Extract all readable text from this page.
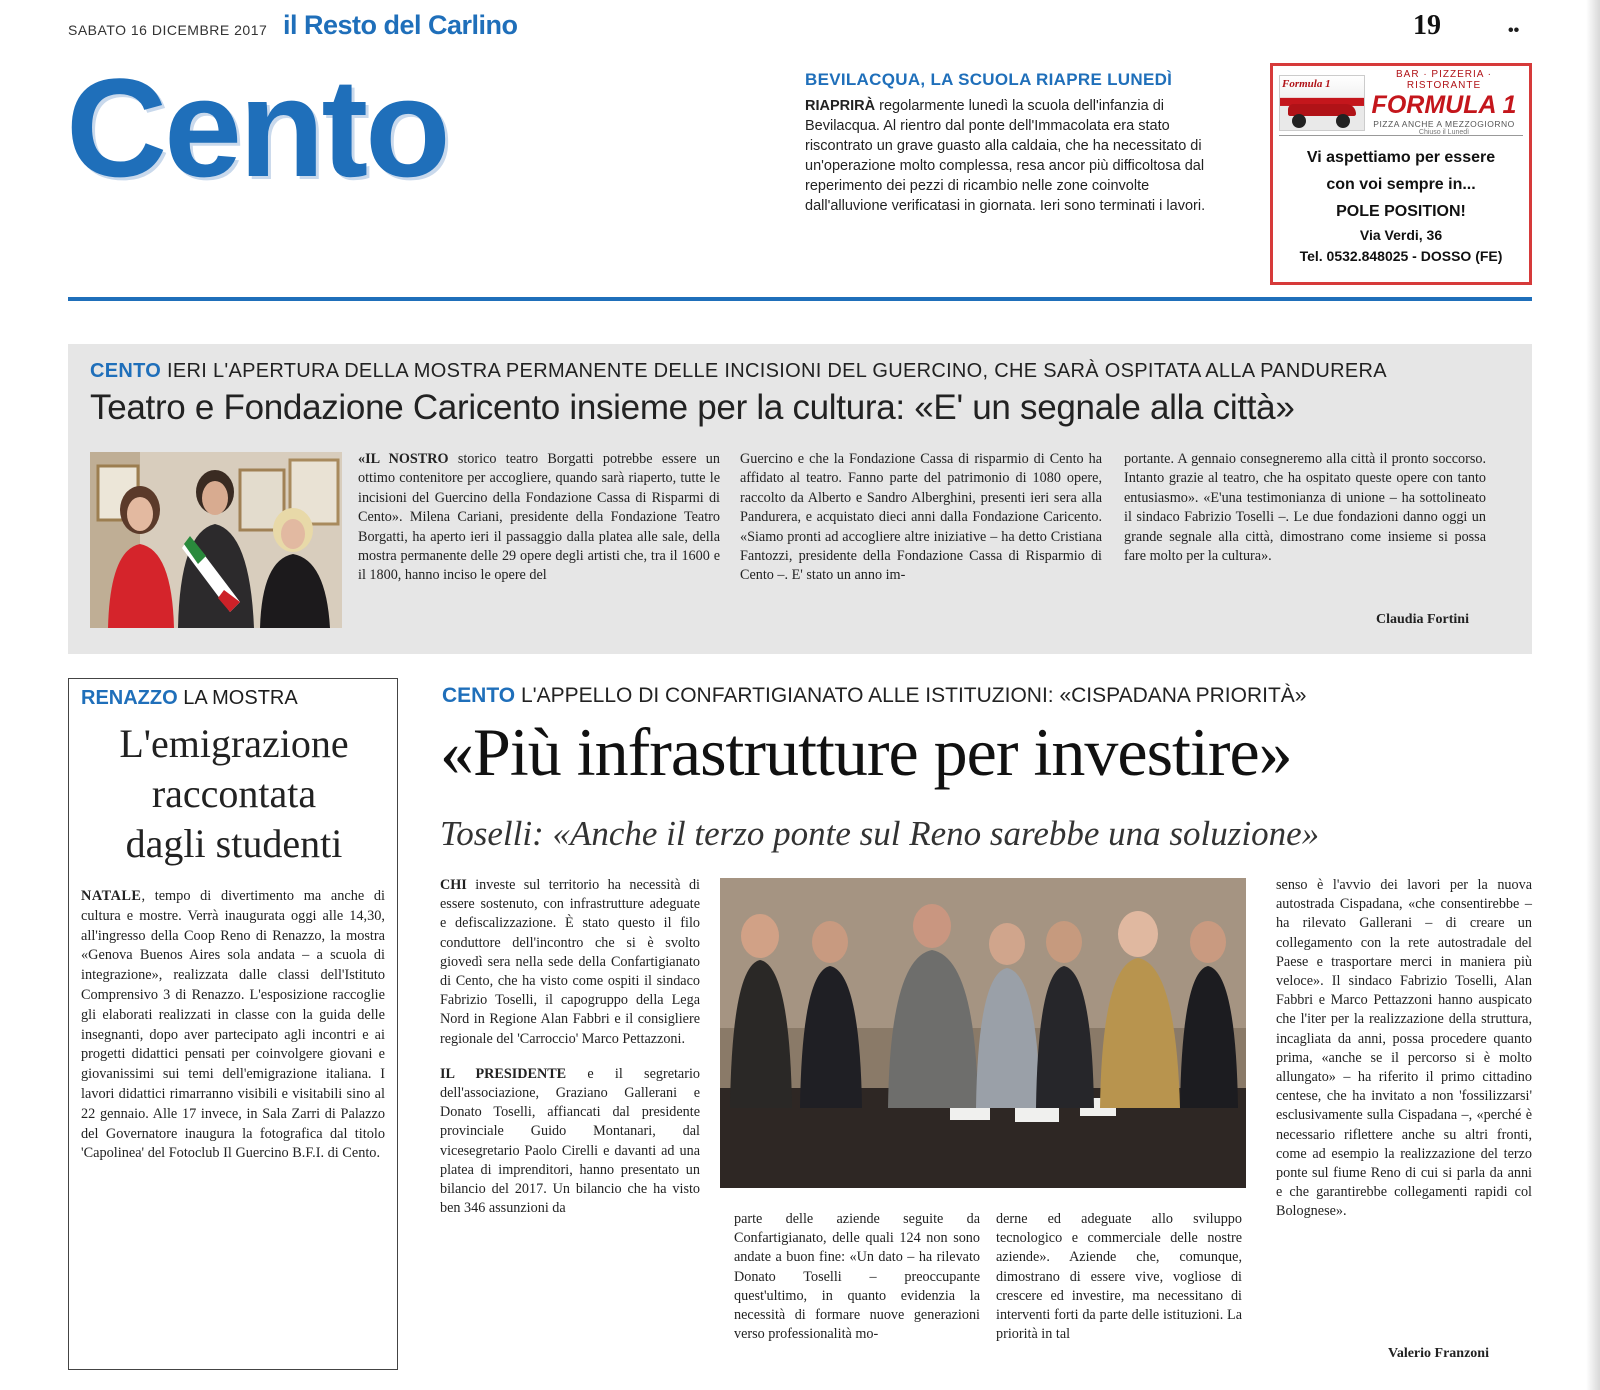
SABATO 16 DICEMBRE 2017 il Resto del Carlino	19	••
Cento	BEVILACQUA, LA SCUOLA RIAPRE LUNEDÌ
RIAPRIRÀ regolarmente lunedì la scuola dell'infanzia di Bevilacqua. Al rientro dal ponte dell'Immacolata era stato riscontrato un grave guasto alla caldaia, che ha necessitato di un'operazione molto complessa, resa ancor più difficoltosa dal reperimento dei pezzi di ricambio nelle zone coinvolte dall'alluvione verificatasi in giornata. Ieri sono terminati i lavori.
Formula 1
BAR · PIZZERIA · RISTORANTE
FORMULA 1
PIZZA ANCHE A MEZZOGIORNO
Chiuso il Lunedì
Vi aspettiamo per essere
con voi sempre in...
POLE POSITION!
Via Verdi, 36
Tel. 0532.848025 - DOSSO (FE)
CENTO IERI L'APERTURA DELLA MOSTRA PERMANENTE DELLE INCISIONI DEL GUERCINO, CHE SARÀ OSPITATA ALLA PANDURERA
Teatro e Fondazione Caricento insieme per la cultura: «E' un segnale alla città»
«IL NOSTRO storico teatro Borgatti potrebbe essere un ottimo contenitore per accogliere, quando sarà riaperto, tutte le incisioni del Guercino della Fondazione Cassa di Risparmi di Cento». Milena Cariani, presidente della Fondazione Teatro Borgatti, ha aperto ieri il passaggio dalla platea alle sale, della mostra permanente delle 29 opere degli artisti che, tra il 1600 e il 1800, hanno inciso le opere del
Guercino e che la Fondazione Cassa di risparmio di Cento ha affidato al teatro. Fanno parte del patrimonio di 1080 opere, raccolto da Alberto e Sandro Alberghini, presenti ieri sera alla Pandurera, e acquistato dieci anni dalla Fondazione Caricento. «Siamo pronti ad accogliere altre iniziative – ha detto Cristiana Fantozzi, presidente della Fondazione Cassa di Risparmio di Cento –. E' stato un anno im-
portante. A gennaio consegneremo alla città il pronto soccorso. Intanto grazie al teatro, che ha ospitato queste opere con tanto entusiasmo». «E'una testimonianza di unione – ha sottolineato il sindaco Fabrizio Toselli –. Le due fondazioni danno oggi un grande segnale alla città, dimostrano come insieme si possa fare molto per la cultura».
Claudia Fortini
RENAZZO LA MOSTRA
L'emigrazione
raccontata
dagli studenti
NATALE, tempo di divertimento ma anche di cultura e mostre. Verrà inaugurata oggi alle 14,30, all'ingresso della Coop Reno di Renazzo, la mostra «Genova Buenos Aires sola andata – a scuola di integrazione», realizzata dalle classi dell'Istituto Comprensivo 3 di Renazzo. L'esposizione raccoglie gli elaborati realizzati in classe con la guida delle insegnanti, dopo aver partecipato agli incontri e ai progetti didattici pensati per coinvolgere giovani e giovanissimi sui temi dell'emigrazione italiana. I lavori didattici rimarranno visibili e visitabili sino al 22 gennaio. Alle 17 invece, in Sala Zarri di Palazzo del Governatore inaugura la fotografica dal titolo 'Capolinea' del Fotoclub Il Guercino B.F.I. di Cento.
CENTO L'APPELLO DI CONFARTIGIANATO ALLE ISTITUZIONI: «CISPADANA PRIORITÀ»
«Più infrastrutture per investire»
Toselli: «Anche il terzo ponte sul Reno sarebbe una soluzione»
CHI investe sul territorio ha necessità di essere sostenuto, con infrastrutture adeguate e defiscalizzazione. È stato questo il filo conduttore dell'incontro che si è svolto giovedì sera nella sede della Confartigianato di Cento, che ha visto come ospiti il sindaco Fabrizio Toselli, il capogruppo della Lega Nord in Regione Alan Fabbri e il consigliere regionale del 'Carroccio' Marco Pettazzoni.
IL PRESIDENTE e il segretario dell'associazione, Graziano Gallerani e Donato Toselli, affiancati dal presidente provinciale Guido Montanari, dal vicesegretario Paolo Cirelli e davanti ad una platea di imprenditori, hanno presentato un bilancio del 2017. Un bilancio che ha visto ben 346 assunzioni da
parte delle aziende seguite da Confartigianato, delle quali 124 non sono andate a buon fine: «Un dato – ha rilevato Donato Toselli – preoccupante quest'ultimo, in quanto evidenzia la necessità di formare nuove generazioni verso professionalità mo-
derne ed adeguate allo sviluppo tecnologico e commerciale delle nostre aziende». Aziende che, comunque, dimostrano di essere vive, vogliose di crescere ed investire, ma necessitano di interventi forti da parte delle istituzioni. La priorità in tal
senso è l'avvio dei lavori per la nuova autostrada Cispadana, «che consentirebbe – ha rilevato Gallerani – di creare un collegamento con la rete autostradale del Paese e trasportare merci in maniera più veloce». Il sindaco Fabrizio Toselli, Alan Fabbri e Marco Pettazzoni hanno auspicato che l'iter per la realizzazione della struttura, incagliata da anni, possa procedere quanto prima, «anche se il percorso si è molto allungato» – ha riferito il primo cittadino centese, che ha invitato a non 'fossilizzarsi' esclusivamente sulla Cispadana –, «perché è necessario riflettere anche su altri fronti, come ad esempio la realizzazione del terzo ponte sul fiume Reno di cui si parla da anni e che garantirebbe collegamenti rapidi col Bolognese».
Valerio Franzoni
